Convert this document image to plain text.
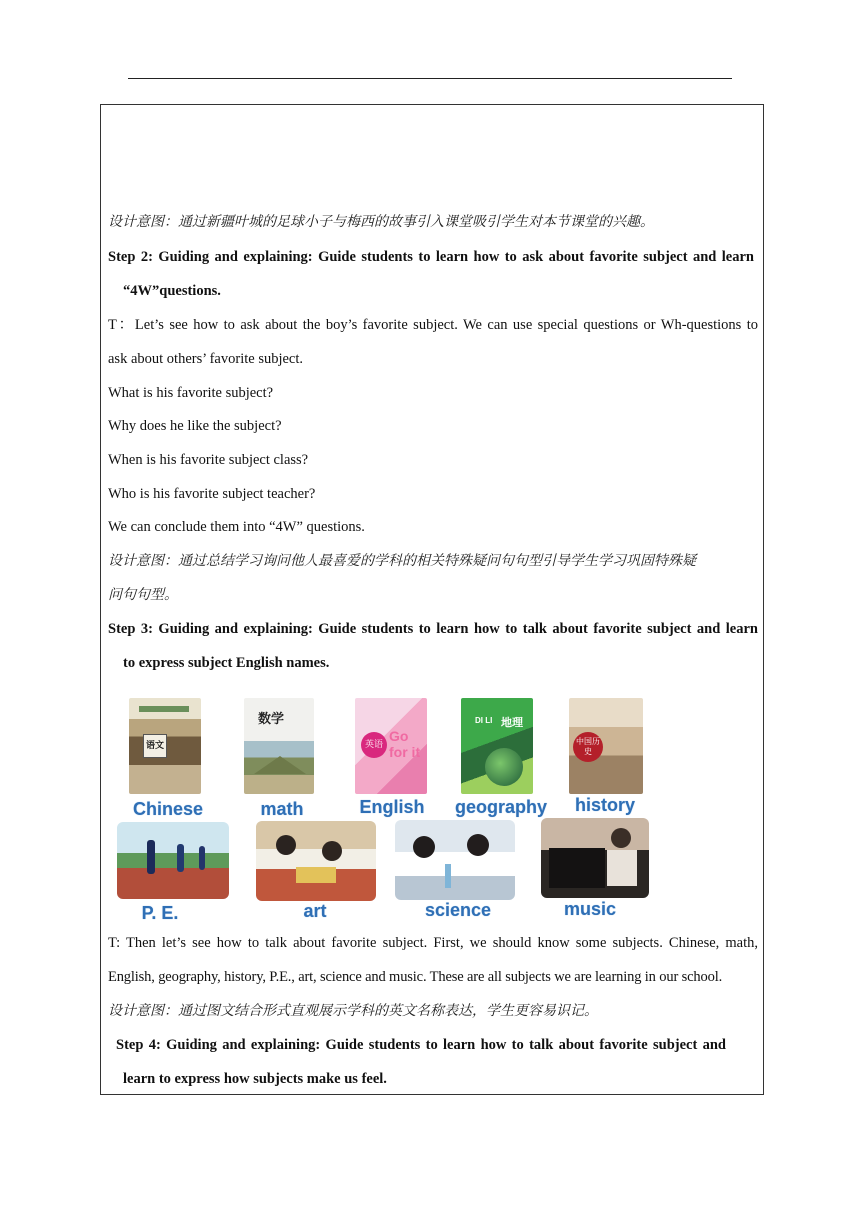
设计意图：通过新疆叶城的足球小子与梅西的故事引入课堂吸引学生对本节课堂的兴趣。
Step 2: Guiding and explaining: Guide students to learn how to ask about favorite subject and learn
“4W”questions.
T：Let’s see how to ask about the boy’s favorite subject. We can use special questions or Wh-questions to
ask about others’ favorite subject.
What is his favorite subject?
Why does he like the subject?
When is his favorite subject class?
Who is his favorite subject teacher?
We can conclude them into “4W” questions.
设计意图：通过总结学习询问他人最喜爱的学科的相关特殊疑问句句型引导学生学习巩固特殊疑
问句句型。
Step 3: Guiding and explaining: Guide students to learn how to talk about favorite subject and learn
to express subject English names.
语文
Chinese
数学
math
英语
Go for it
English
DI LI 地理
geography
中国历史
history
P. E.	art	science	music
T: Then let’s see how to talk about favorite subject. First, we should know some subjects. Chinese, math,
English, geography, history, P.E., art, science and music. These are all subjects we are learning in our school.
设计意图：通过图文结合形式直观展示学科的英文名称表达，学生更容易识记。
Step 4: Guiding and explaining: Guide students to learn how to talk about favorite subject and
learn to express how subjects make us feel.
